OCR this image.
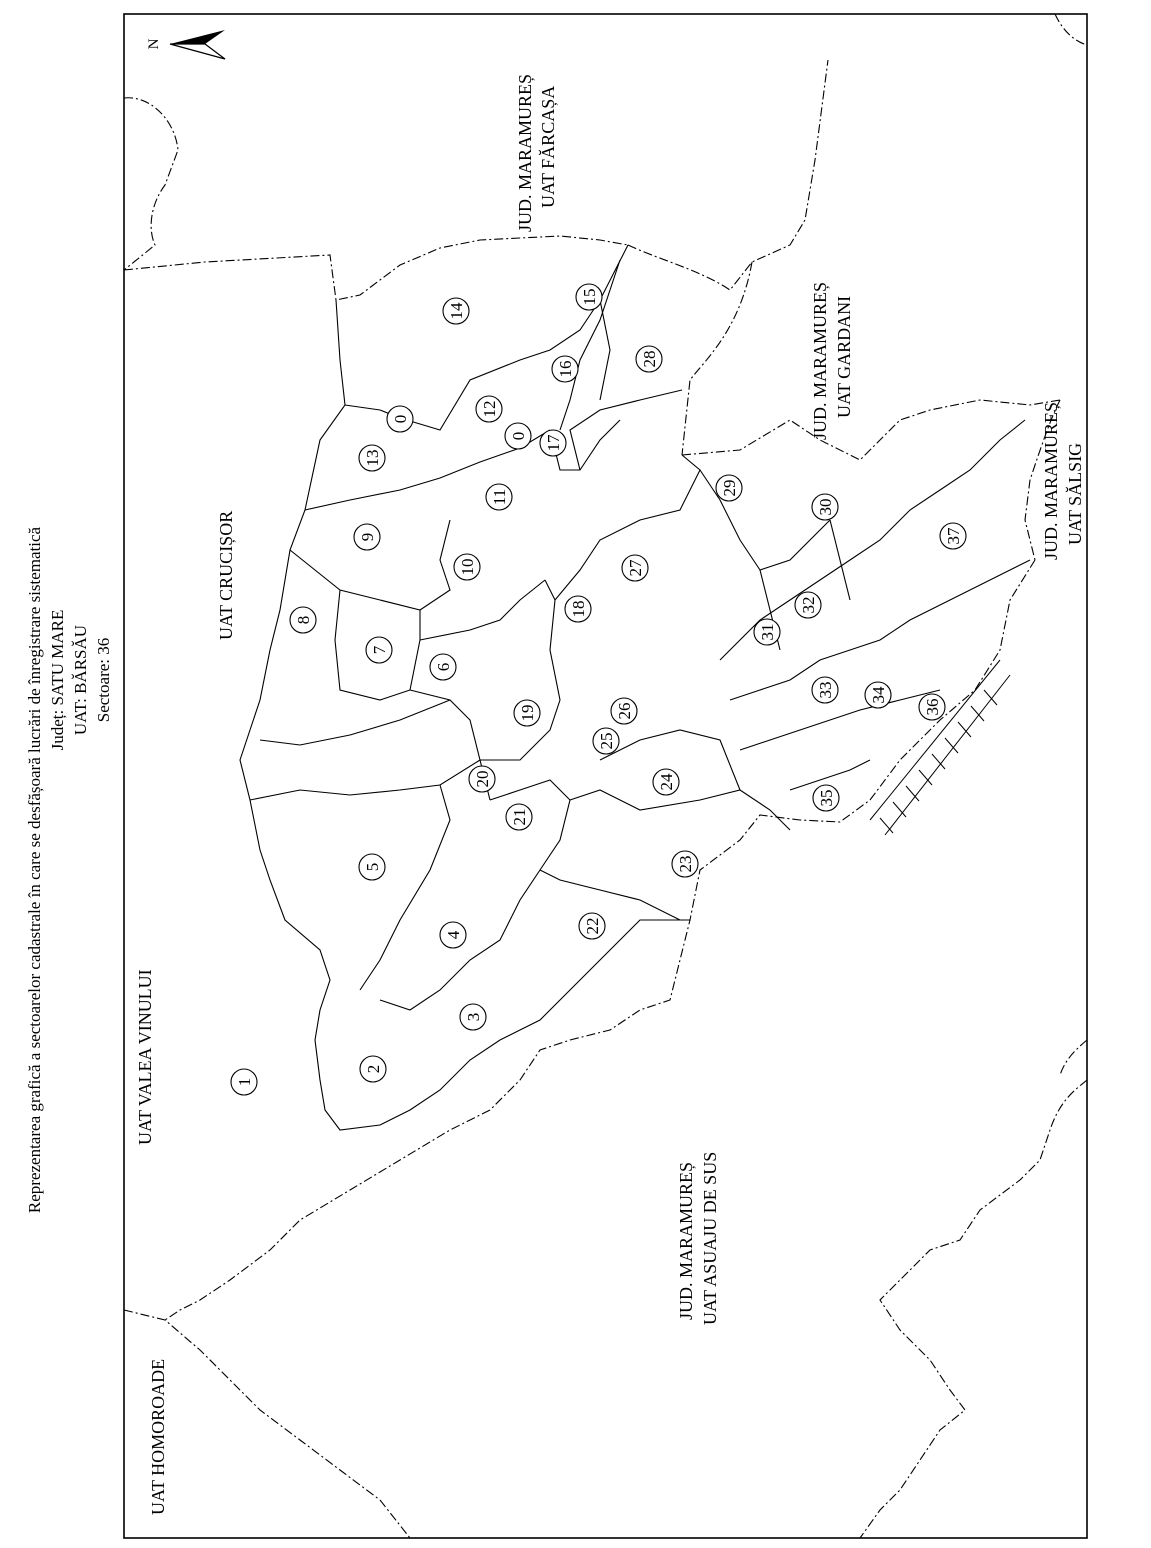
Reprezentarea grafică a sectoarelor cadastrale în care se desfășoară lucrări de înregistrare sistematică Județ: SATU MARE UAT: BĂRSĂU Sectoare: 36
N
UAT HOMOROADE
UAT VALEA VINULUI
UAT CRUCIȘOR
JUD. MARAMUREȘ UAT FĂRCAȘA
JUD. MARAMUREȘ UAT GARDANI
JUD. MARAMUREȘ UAT SĂLSIG
JUD. MARAMUREȘ UAT ASUAJU DE SUS
1
2
3
4
5
6
7
8
9
10
11
12
13
14
15
16
17
18
19
20
21
22
23
24
25
26
27
28
29
30
31
32
33 34
35
36
37
0
0
